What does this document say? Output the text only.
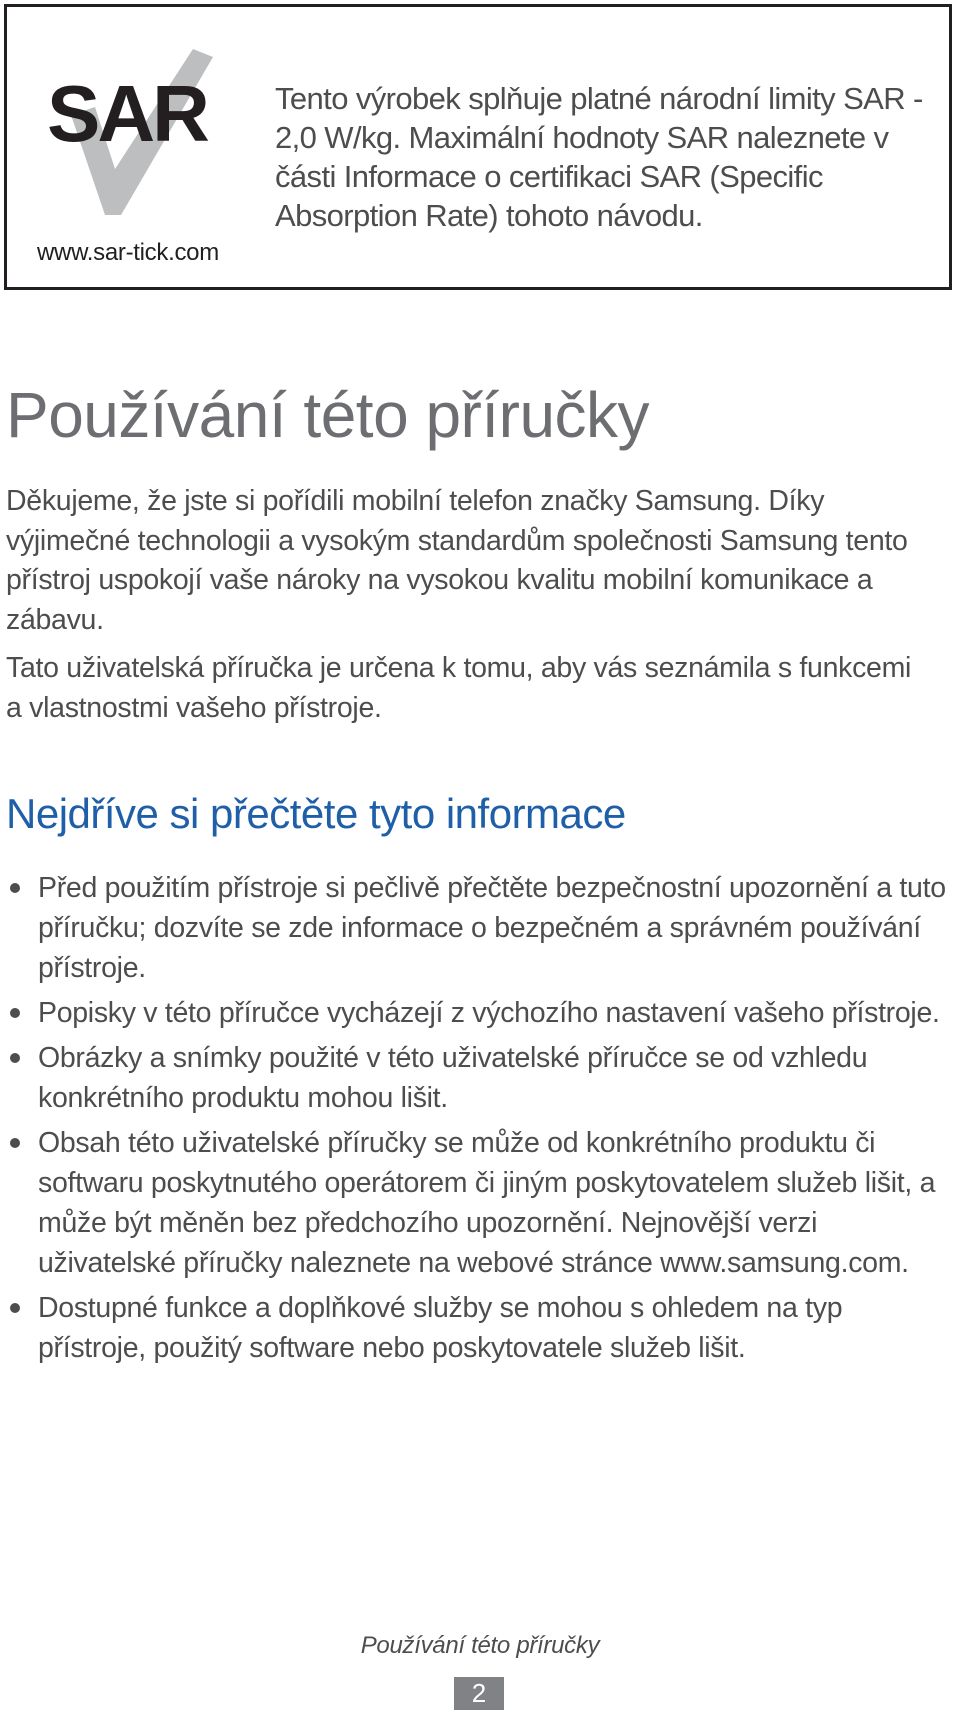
SAR
www.sar-tick.com
Tento výrobek splňuje platné národní limity SAR - 2,0 W/kg. Maximální hodnoty SAR naleznete v části Informace o certifikaci SAR (Specific Absorption Rate) tohoto návodu.
Používání této příručky

Děkujeme, že jste si pořídili mobilní telefon značky Samsung. Díky výjimečné technologii a vysokým standardům společnosti Samsung tento přístroj uspokojí vaše nároky na vysokou kvalitu mobilní komunikace a zábavu.

Tato uživatelská příručka je určena k tomu, aby vás seznámila s funkcemi a vlastnostmi vašeho přístroje.

Nejdříve si přečtěte tyto informace
Před použitím přístroje si pečlivě přečtěte bezpečnostní upozornění a tuto příručku; dozvíte se zde informace o bezpečném a správném používání přístroje.
Popisky v této příručce vycházejí z výchozího nastavení vašeho přístroje.
Obrázky a snímky použité v této uživatelské příručce se od vzhledu konkrétního produktu mohou lišit.
Obsah této uživatelské příručky se může od konkrétního produktu či softwaru poskytnutého operátorem či jiným poskytovatelem služeb lišit, a může být měněn bez předchozího upozornění. Nejnovější verzi uživatelské příručky naleznete na webové stránce www.samsung.com.
Dostupné funkce a doplňkové služby se mohou s ohledem na typ přístroje, použitý software nebo poskytovatele služeb lišit.
Používání této příručky
2
